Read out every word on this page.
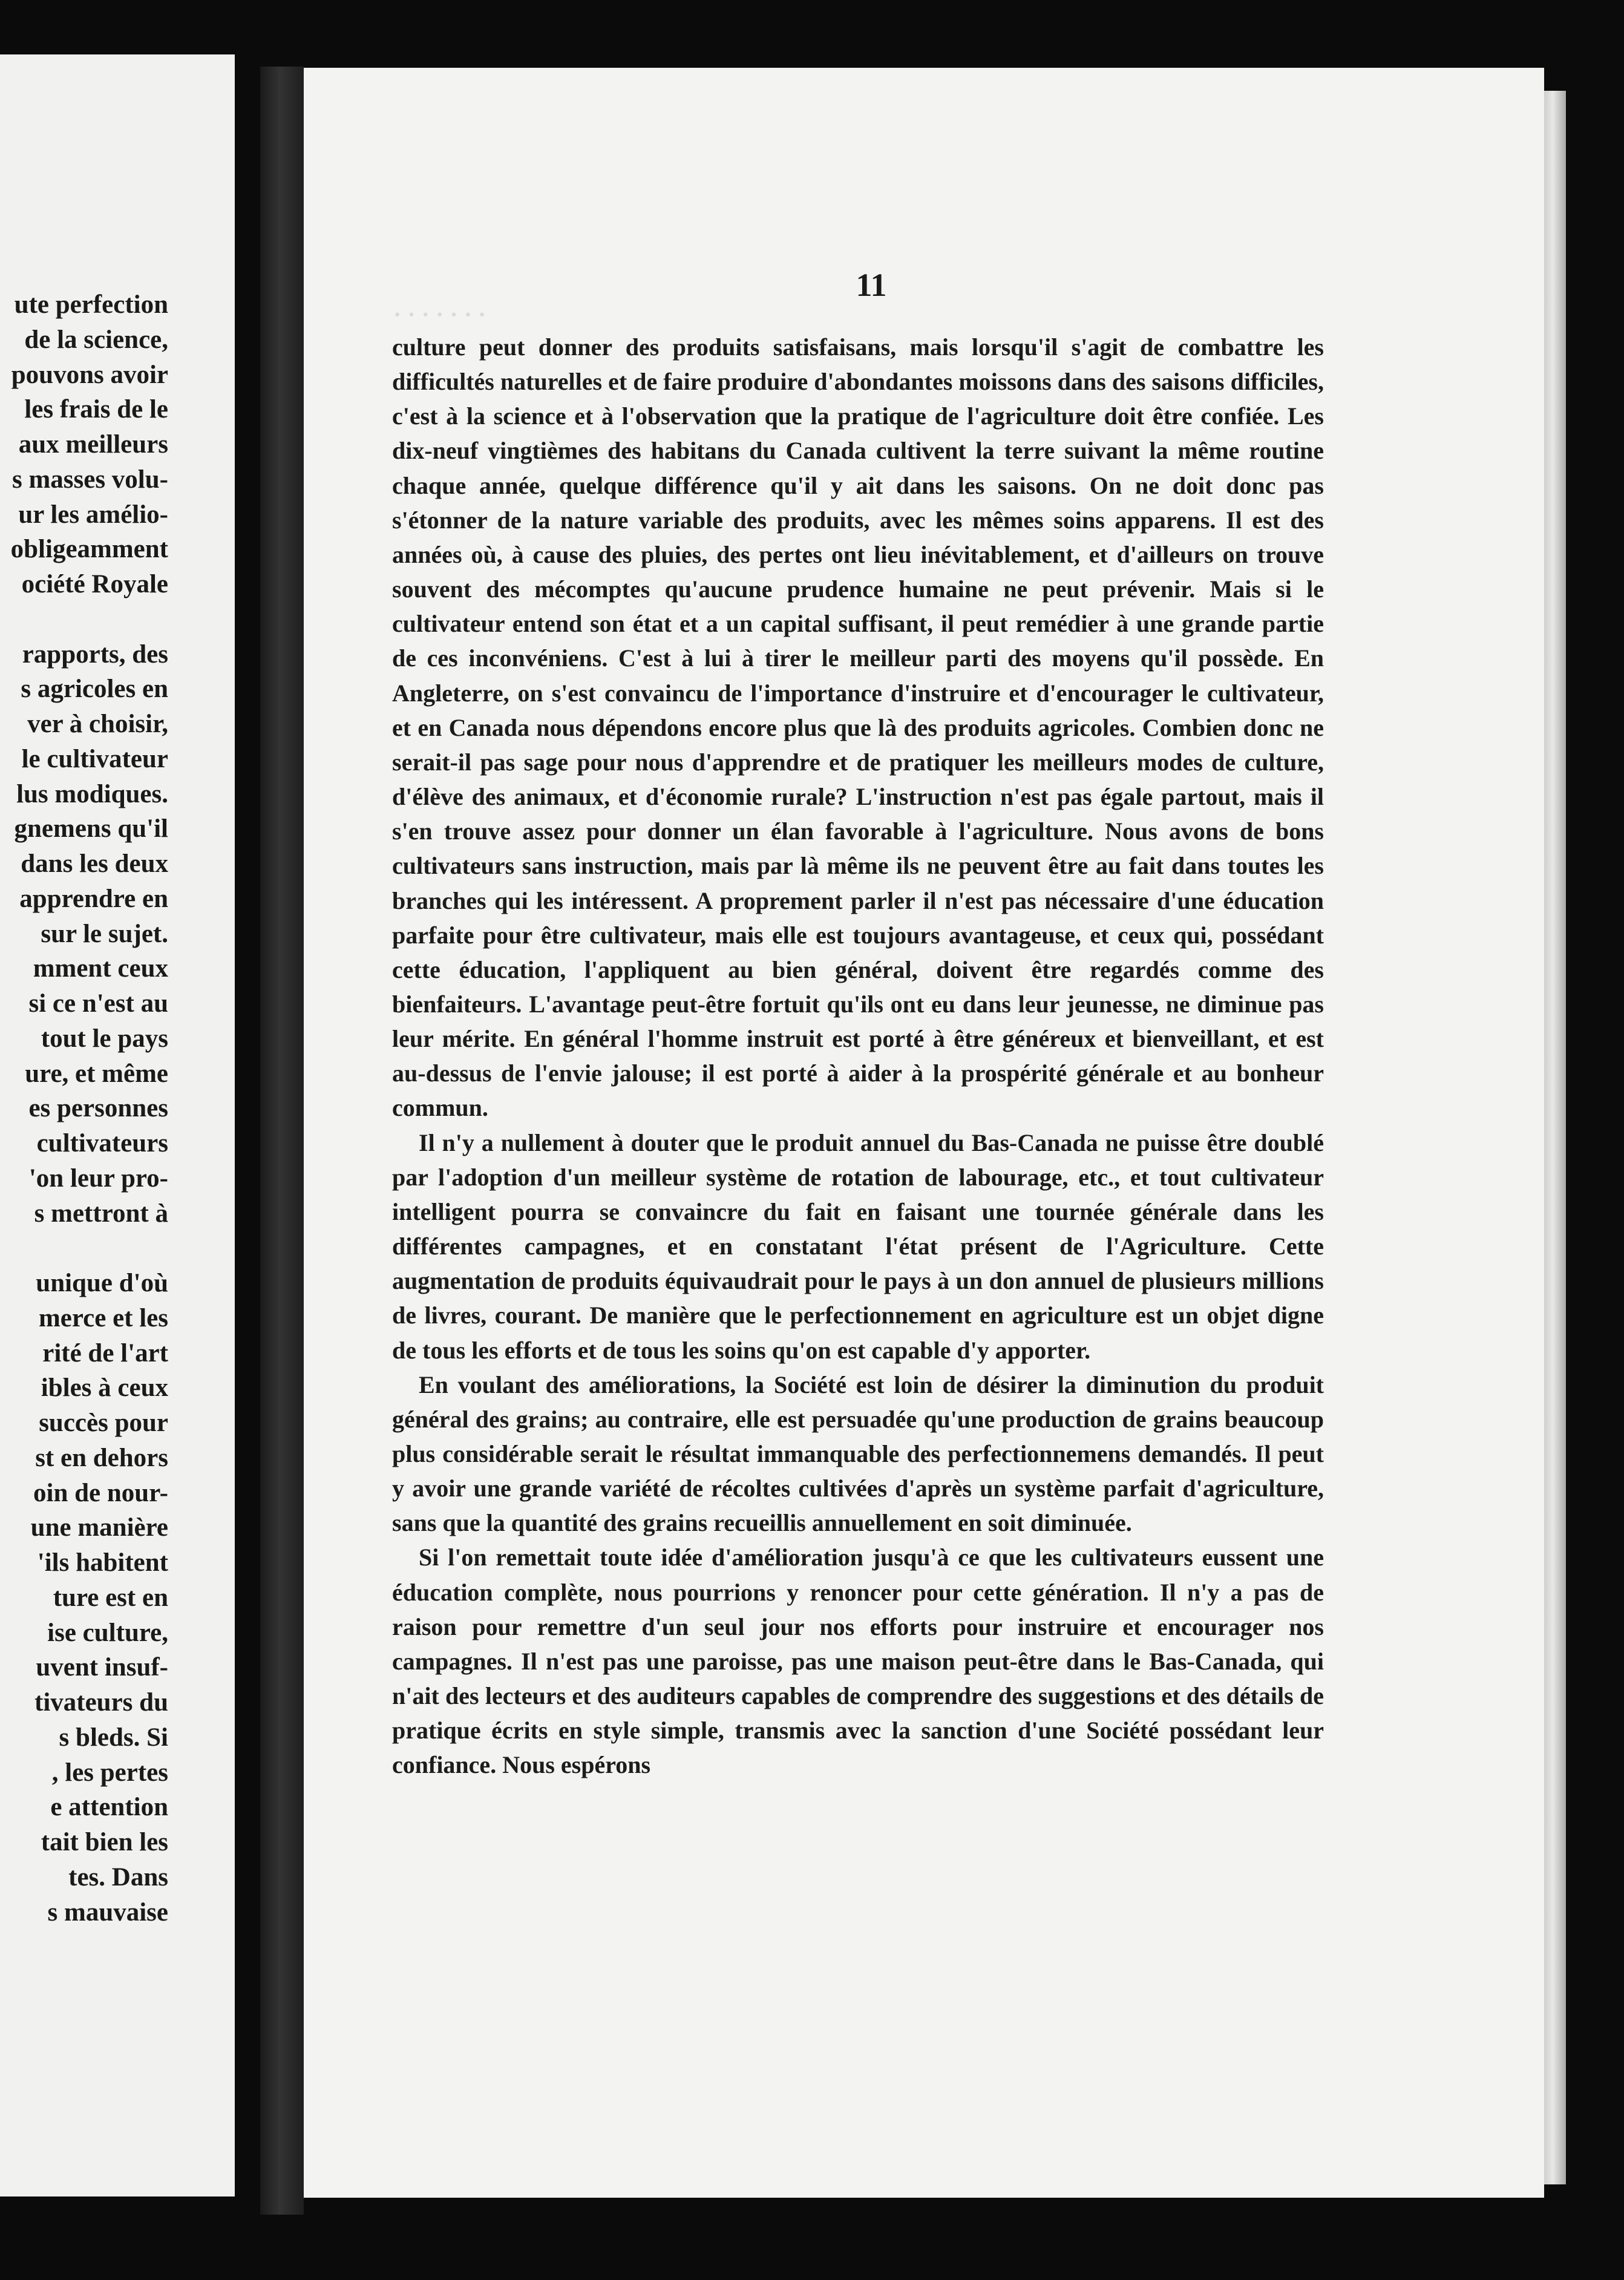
ute perfection
de la science,
pouvons avoir
les frais de le
aux meilleurs
s masses volu-
ur les amélio-
obligeamment
ociété Royale
rapports, des
s agricoles en
ver à choisir,
le cultivateur
lus modiques.
gnemens qu'il
dans les deux
apprendre en
sur le sujet.
mment ceux
si ce n'est au
tout le pays
ure, et même
es personnes
cultivateurs
'on leur pro-
s mettront à
unique d'où
merce et les
rité de l'art
ibles à ceux
succès pour
st en dehors
oin de nour-
une manière
'ils habitent
ture est en
ise culture,
uvent insuf-
tivateurs du
s bleds. Si
, les pertes
e attention
tait bien les
tes. Dans
s mauvaise
· · · · · · ·
11

culture peut donner des produits satisfaisans, mais lorsqu'il s'agit de combattre les difficultés naturelles et de faire produire d'abondantes moissons dans des saisons difficiles, c'est à la science et à l'observation que la pratique de l'agriculture doit être confiée. Les dix-neuf vingtièmes des habitans du Canada cultivent la terre suivant la même routine chaque année, quelque différence qu'il y ait dans les saisons. On ne doit donc pas s'étonner de la nature variable des produits, avec les mêmes soins apparens. Il est des années où, à cause des pluies, des pertes ont lieu inévitablement, et d'ailleurs on trouve souvent des mécomptes qu'aucune prudence humaine ne peut prévenir. Mais si le cultivateur entend son état et a un capital suffisant, il peut remédier à une grande partie de ces inconvéniens. C'est à lui à tirer le meilleur parti des moyens qu'il possède. En Angleterre, on s'est convaincu de l'importance d'instruire et d'encourager le cultivateur, et en Canada nous dépendons encore plus que là des produits agricoles. Combien donc ne serait-il pas sage pour nous d'apprendre et de pratiquer les meilleurs modes de culture, d'élève des animaux, et d'économie rurale? L'instruction n'est pas égale partout, mais il s'en trouve assez pour donner un élan favorable à l'agriculture. Nous avons de bons cultivateurs sans instruction, mais par là même ils ne peuvent être au fait dans toutes les branches qui les intéressent. A proprement parler il n'est pas nécessaire d'une éducation parfaite pour être cultivateur, mais elle est toujours avantageuse, et ceux qui, possédant cette éducation, l'appliquent au bien général, doivent être regardés comme des bienfaiteurs. L'avantage peut-être fortuit qu'ils ont eu dans leur jeunesse, ne diminue pas leur mérite. En général l'homme instruit est porté à être généreux et bienveillant, et est au-dessus de l'envie jalouse; il est porté à aider à la prospérité générale et au bonheur commun.

Il n'y a nullement à douter que le produit annuel du Bas-Canada ne puisse être doublé par l'adoption d'un meilleur système de rotation de labourage, etc., et tout cultivateur intelligent pourra se convaincre du fait en faisant une tournée générale dans les différentes campagnes, et en constatant l'état présent de l'Agriculture. Cette augmentation de produits équivaudrait pour le pays à un don annuel de plusieurs millions de livres, courant. De manière que le perfectionnement en agriculture est un objet digne de tous les efforts et de tous les soins qu'on est capable d'y apporter.

En voulant des améliorations, la Société est loin de désirer la diminution du produit général des grains; au contraire, elle est persuadée qu'une production de grains beaucoup plus considérable serait le résultat immanquable des perfectionnemens demandés. Il peut y avoir une grande variété de récoltes cultivées d'après un système parfait d'agriculture, sans que la quantité des grains recueillis annuellement en soit diminuée.

Si l'on remettait toute idée d'amélioration jusqu'à ce que les cultivateurs eussent une éducation complète, nous pourrions y renoncer pour cette génération. Il n'y a pas de raison pour remettre d'un seul jour nos efforts pour instruire et encourager nos campagnes. Il n'est pas une paroisse, pas une maison peut-être dans le Bas-Canada, qui n'ait des lecteurs et des auditeurs capables de comprendre des suggestions et des détails de pratique écrits en style simple, transmis avec la sanction d'une Société possédant leur confiance. Nous espérons
